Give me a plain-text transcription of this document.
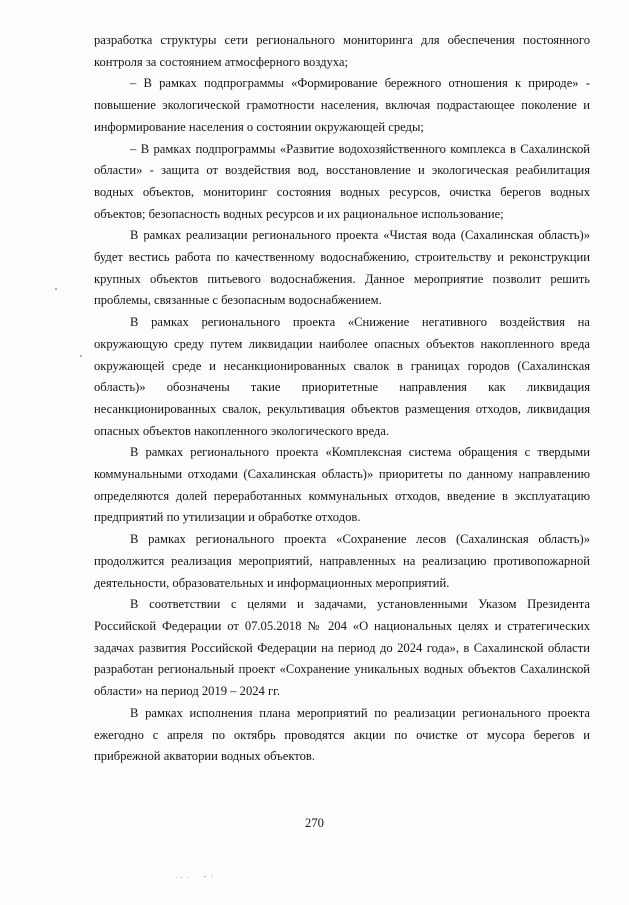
разработка структуры сети регионального мониторинга для обеспечения постоянного контроля за состоянием атмосферного воздуха;

– В рамках подпрограммы «Формирование бережного отношения к природе» - повышение экологической грамотности населения, включая подрастающее поколение и информирование населения о состоянии окружающей среды;

– В рамках подпрограммы «Развитие водохозяйственного комплекса в Сахалинской области» - защита от воздействия вод, восстановление и экологическая реабилитация водных объектов, мониторинг состояния водных ресурсов, очистка берегов водных объектов; безопасность водных ресурсов и их рациональное использование;

В рамках реализации регионального проекта «Чистая вода (Сахалинская область)» будет вестись работа по качественному водоснабжению, строительству и реконструкции крупных объектов питьевого водоснабжения. Данное мероприятие позволит решить проблемы, связанные с безопасным водоснабжением.

В рамках регионального проекта «Снижение негативного воздействия на окружающую среду путем ликвидации наиболее опасных объектов накопленного вреда окружающей среде и несанкционированных свалок в границах городов (Сахалинская область)» обозначены такие приоритетные направления как ликвидация несанкционированных свалок, рекультивация объектов размещения отходов, ликвидация опасных объектов накопленного экологического вреда.

В рамках регионального проекта «Комплексная система обращения с твердыми коммунальными отходами (Сахалинская область)» приоритеты по данному направлению определяются долей переработанных коммунальных отходов, введение в эксплуатацию предприятий по утилизации и обработке отходов.

В рамках регионального проекта «Сохранение лесов (Сахалинская область)» продолжится реализация мероприятий, направленных на реализацию противопожарной деятельности, образовательных и информационных мероприятий.

В соответствии с целями и задачами, установленными Указом Президента Российской Федерации от 07.05.2018 № 204 «О национальных целях и стратегических задачах развития Российской Федерации на период до 2024 года», в Сахалинской области разработан региональный проект «Сохранение уникальных водных объектов Сахалинской области» на период 2019 – 2024 гг.

В рамках исполнения плана мероприятий по реализации регионального проекта ежегодно с апреля по октябрь проводятся акции по очистке от мусора берегов и прибрежной акватории водных объектов.

270
